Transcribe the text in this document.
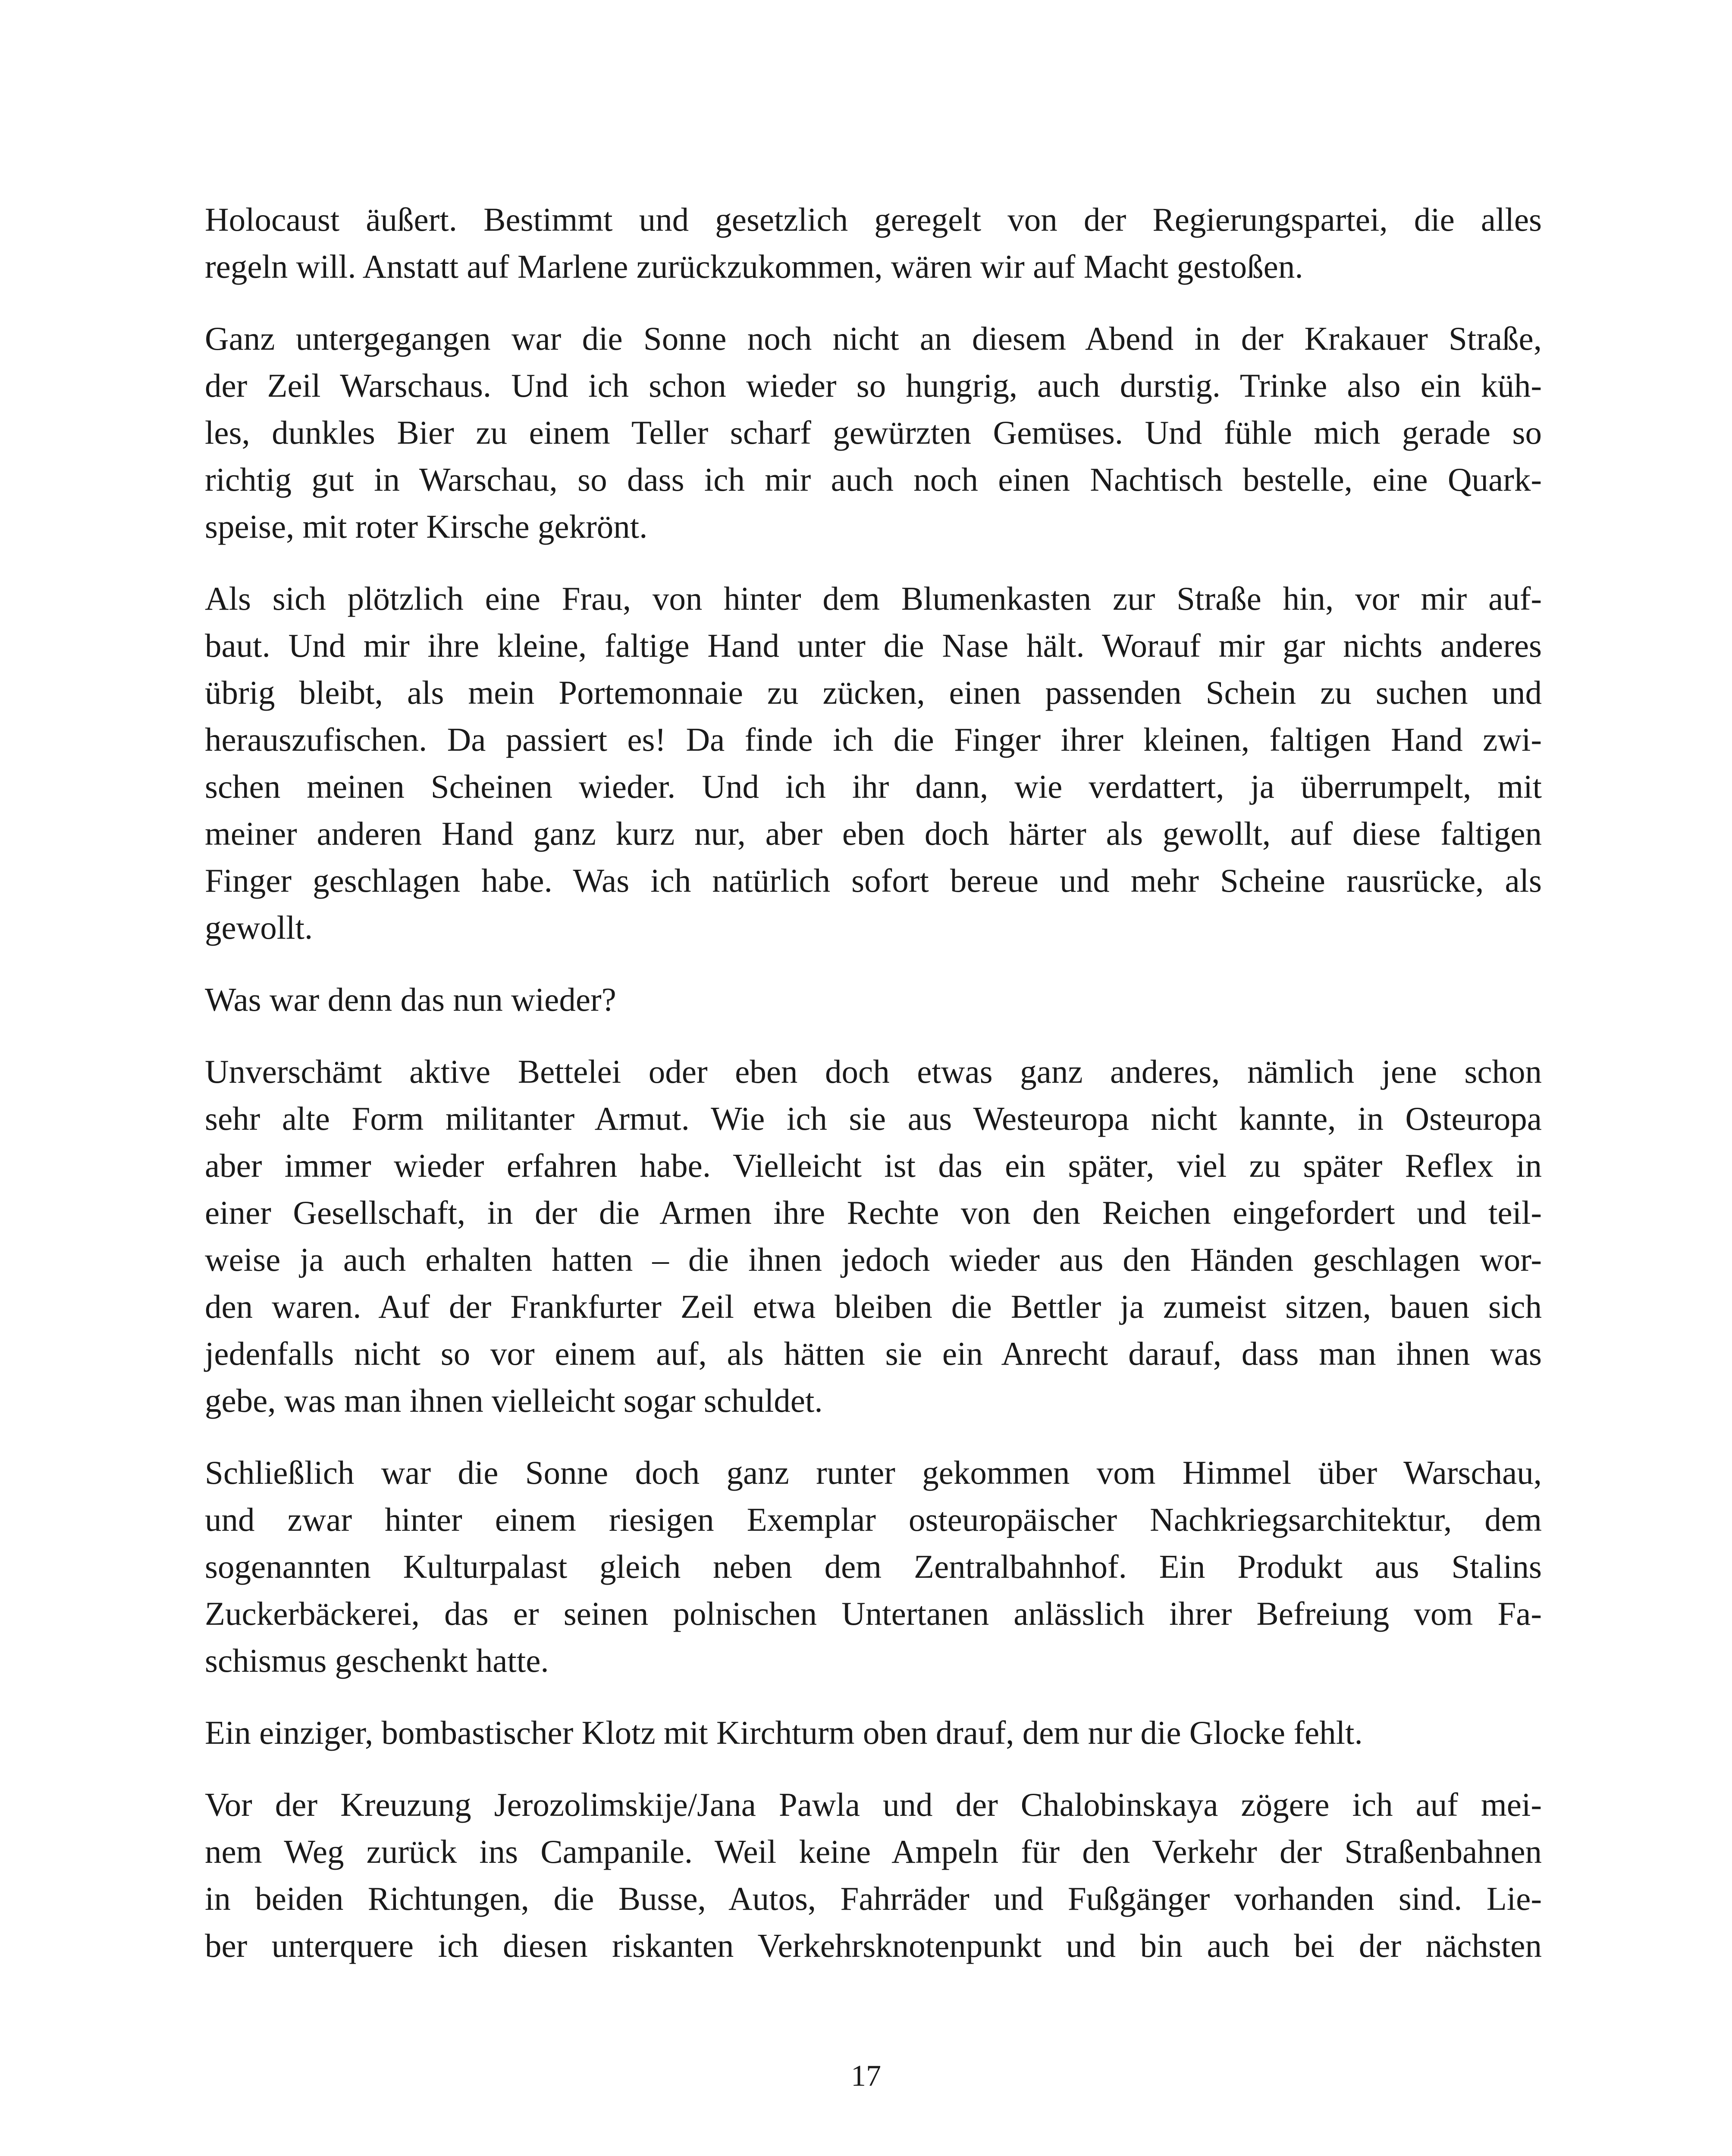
Holocaust äußert. Bestimmt und gesetzlich geregelt von der Regierungspartei, die alles
regeln will. Anstatt auf Marlene zurückzukommen, wären wir auf Macht gestoßen.

Ganz untergegangen war die Sonne noch nicht an diesem Abend in der Krakauer Straße,
der Zeil Warschaus. Und ich schon wieder so hungrig, auch durstig. Trinke also ein küh-
les, dunkles Bier zu einem Teller scharf gewürzten Gemüses. Und fühle mich gerade so
richtig gut in Warschau, so dass ich mir auch noch einen Nachtisch bestelle, eine Quark-
speise, mit roter Kirsche gekrönt.

Als sich plötzlich eine Frau, von hinter dem Blumenkasten zur Straße hin, vor mir auf-
baut. Und mir ihre kleine, faltige Hand unter die Nase hält. Worauf mir gar nichts anderes
übrig bleibt, als mein Portemonnaie zu zücken, einen passenden Schein zu suchen und
herauszufischen. Da passiert es! Da finde ich die Finger ihrer kleinen, faltigen Hand zwi-
schen meinen Scheinen wieder. Und ich ihr dann, wie verdattert, ja überrumpelt, mit
meiner anderen Hand ganz kurz nur, aber eben doch härter als gewollt, auf diese faltigen
Finger geschlagen habe. Was ich natürlich sofort bereue und mehr Scheine rausrücke, als
gewollt.

Was war denn das nun wieder?

Unverschämt aktive Bettelei oder eben doch etwas ganz anderes, nämlich jene schon
sehr alte Form militanter Armut. Wie ich sie aus Westeuropa nicht kannte, in Osteuropa
aber immer wieder erfahren habe. Vielleicht ist das ein später, viel zu später Reflex in
einer Gesellschaft, in der die Armen ihre Rechte von den Reichen eingefordert und teil-
weise ja auch erhalten hatten – die ihnen jedoch wieder aus den Händen geschlagen wor-
den waren. Auf der Frankfurter Zeil etwa bleiben die Bettler ja zumeist sitzen, bauen sich
jedenfalls nicht so vor einem auf, als hätten sie ein Anrecht darauf, dass man ihnen was
gebe, was man ihnen vielleicht sogar schuldet.

Schließlich war die Sonne doch ganz runter gekommen vom Himmel über Warschau,
und zwar hinter einem riesigen Exemplar osteuropäischer Nachkriegsarchitektur, dem
sogenannten Kulturpalast gleich neben dem Zentralbahnhof. Ein Produkt aus Stalins
Zuckerbäckerei, das er seinen polnischen Untertanen anlässlich ihrer Befreiung vom Fa-
schismus geschenkt hatte.

Ein einziger, bombastischer Klotz mit Kirchturm oben drauf, dem nur die Glocke fehlt.

Vor der Kreuzung Jerozolimskije/Jana Pawla und der Chalobinskaya zögere ich auf mei-
nem Weg zurück ins Campanile. Weil keine Ampeln für den Verkehr der Straßenbahnen
in beiden Richtungen, die Busse, Autos, Fahrräder und Fußgänger vorhanden sind. Lie-
ber unterquere ich diesen riskanten Verkehrsknotenpunkt und bin auch bei der nächsten

17
